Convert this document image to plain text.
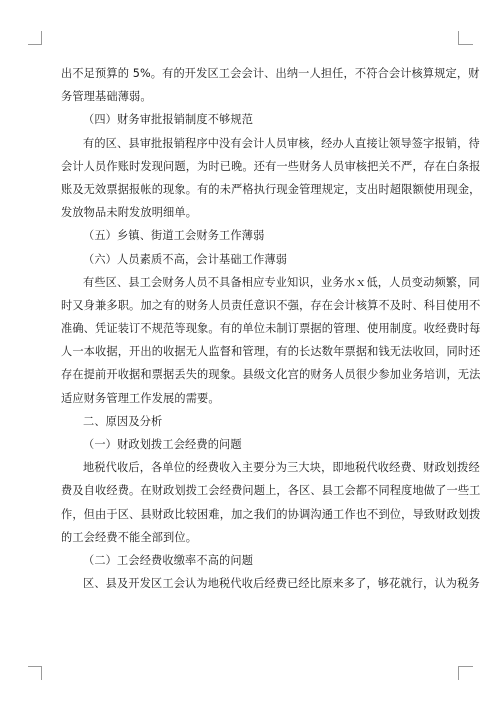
出不足预算的 5%。有的开发区工会会计、出纳一人担任，不符合会计核算规定，财
务管理基础薄弱。
（四）财务审批报销制度不够规范
有的区、县审批报销程序中没有会计人员审核，经办人直接让领导签字报销，待
会计人员作账时发现问题，为时已晚。还有一些财务人员审核把关不严，存在白条报
账及无效票据报帐的现象。有的未严格执行现金管理规定，支出时超限额使用现金，
发放物品未附发放明细单。
（五）乡镇、街道工会财务工作薄弱
（六）人员素质不高，会计基础工作薄弱
有些区、县工会财务人员不具备相应专业知识，业务水ｘ低，人员变动频繁，同
时又身兼多职。加之有的财务人员责任意识不强，存在会计核算不及时、科目使用不
准确、凭证装订不规范等现象。有的单位未制订票据的管理、使用制度。收经费时每
人一本收据，开出的收据无人监督和管理，有的长达数年票据和钱无法收回，同时还
存在提前开收据和票据丢失的现象。县级文化宫的财务人员很少参加业务培训，无法
适应财务管理工作发展的需要。
二、原因及分析
（一）财政划拨工会经费的问题
地税代收后，各单位的经费收入主要分为三大块，即地税代收经费、财政划拨经
费及自收经费。在财政划拨工会经费问题上，各区、县工会都不同程度地做了一些工
作，但由于区、县财政比较困难，加之我们的协调沟通工作也不到位，导致财政划拨
的工会经费不能全部到位。
（二）工会经费收缴率不高的问题
区、县及开发区工会认为地税代收后经费已经比原来多了，够花就行，认为税务
